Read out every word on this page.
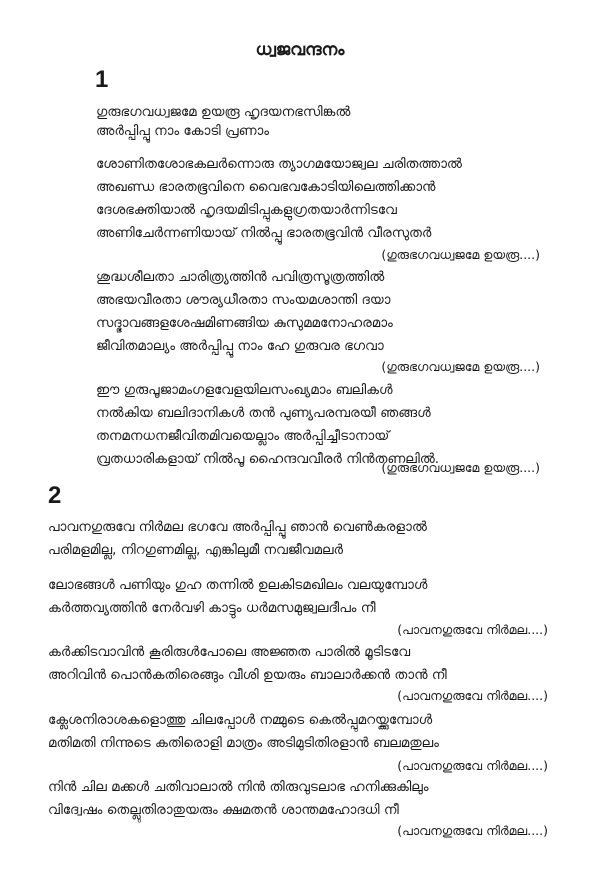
ധ്വജവന്ദനം
1
ഗുരുഭഗവധ്വജമേ ഉയരൂ ഹൃദയനഭസിങ്കൽ
അർപ്പിപ്പൂ നാം കോടി പ്രണാം
ശോണിതശോഭകലർന്നൊരു ത്യാഗമയോജ്വല ചരിതത്താൽ
അഖണ്ഡ ഭാരതഭൂവിനെ വൈഭവകോടിയിലെത്തിക്കാൻ
ദേശഭക്തിയാൽ ഹൃദയമിടിപ്പുകളുഗ്രതയാർന്നിടവേ
അണിചേർന്നണിയായ് നിൽപ്പൂ ഭാരതഭൂവിൻ വീരസുതർ
(ഗുരുഭഗവധ്വജമേ ഉയരൂ....)
ശുദ്ധശീലതാ ചാരിത്ര്യത്തിൻ പവിത്രസൂത്രത്തിൽ
അഭയവീരതാ ശൗര്യധീരതാ സംയമശാന്തി ദയാ
സദ്ഭാവങ്ങളശേഷമിണങ്ങിയ കുസുമമനോഹരമാം
ജീവിതമാല്യം അർപ്പിപ്പൂ നാം ഹേ ഗുരുവര ഭഗവാ
(ഗുരുഭഗവധ്വജമേ ഉയരൂ....)
ഈ ഗുരുപൂജാമംഗളവേളയിലസംഖ്യമാം ബലികൾ
നൽകിയ ബലിദാനികൾ തൻ പുണ്യപരമ്പരയീ ഞങ്ങൾ
തനമനധനജീവിതമിവയെല്ലാം അർപ്പിച്ചീടാനായ്
വ്രതധാരികളായ് നിൽപൂ ഹൈന്ദവവീരർ നിൻതണലിൽ.
(ഗുരുഭഗവധ്വജമേ ഉയരൂ....)
2
പാവനഗുരുവേ നിർമല ഭഗവേ അർപ്പിപ്പൂ ഞാൻ വെൺകരളാൽ
പരിമളമില്ല, നിറഗുണമില്ല, എങ്കിലുമീ നവജീവമലർ
ലോഭങ്ങൾ പണിയും ഗുഹ തന്നിൽ ഉലകിടമഖിലം വലയുമ്പോൾ
കർത്തവ്യത്തിൻ നേർവഴി കാട്ടും ധർമസമുജ്വലദീപം നീ
(പാവനഗുരുവേ നിർമല....)
കർക്കിടവാവിൻ കൂരിരുൾപോലെ അജ്ഞത പാരിൽ മൂടിടവേ
അറിവിൻ പൊൻകതിരെങ്ങും വീശി ഉയരും ബാലാർക്കൻ താൻ നീ
(പാവനഗുരുവേ നിർമല....)
ക്ലേശനിരാശകളൊത്തു ചിലപ്പോൾ നമ്മുടെ കെൽപ്പുമറയ്ക്കുമ്പോൾ
മതിമതി നിന്നുടെ കതിരൊളി മാത്രം അടിമുടിതിരളാൻ ബലമതുലം
(പാവനഗുരുവേ നിർമല....)
നിൻ ചില മക്കൾ ചതിവാലാൽ നിൻ തിരുവുടലാഭ ഹനിക്കുകിലും
വിദ്വേഷം തെല്ലുതിരാതുയരും ക്ഷമതൻ ശാന്തമഹോദധി നീ
(പാവനഗുരുവേ നിർമല....)
